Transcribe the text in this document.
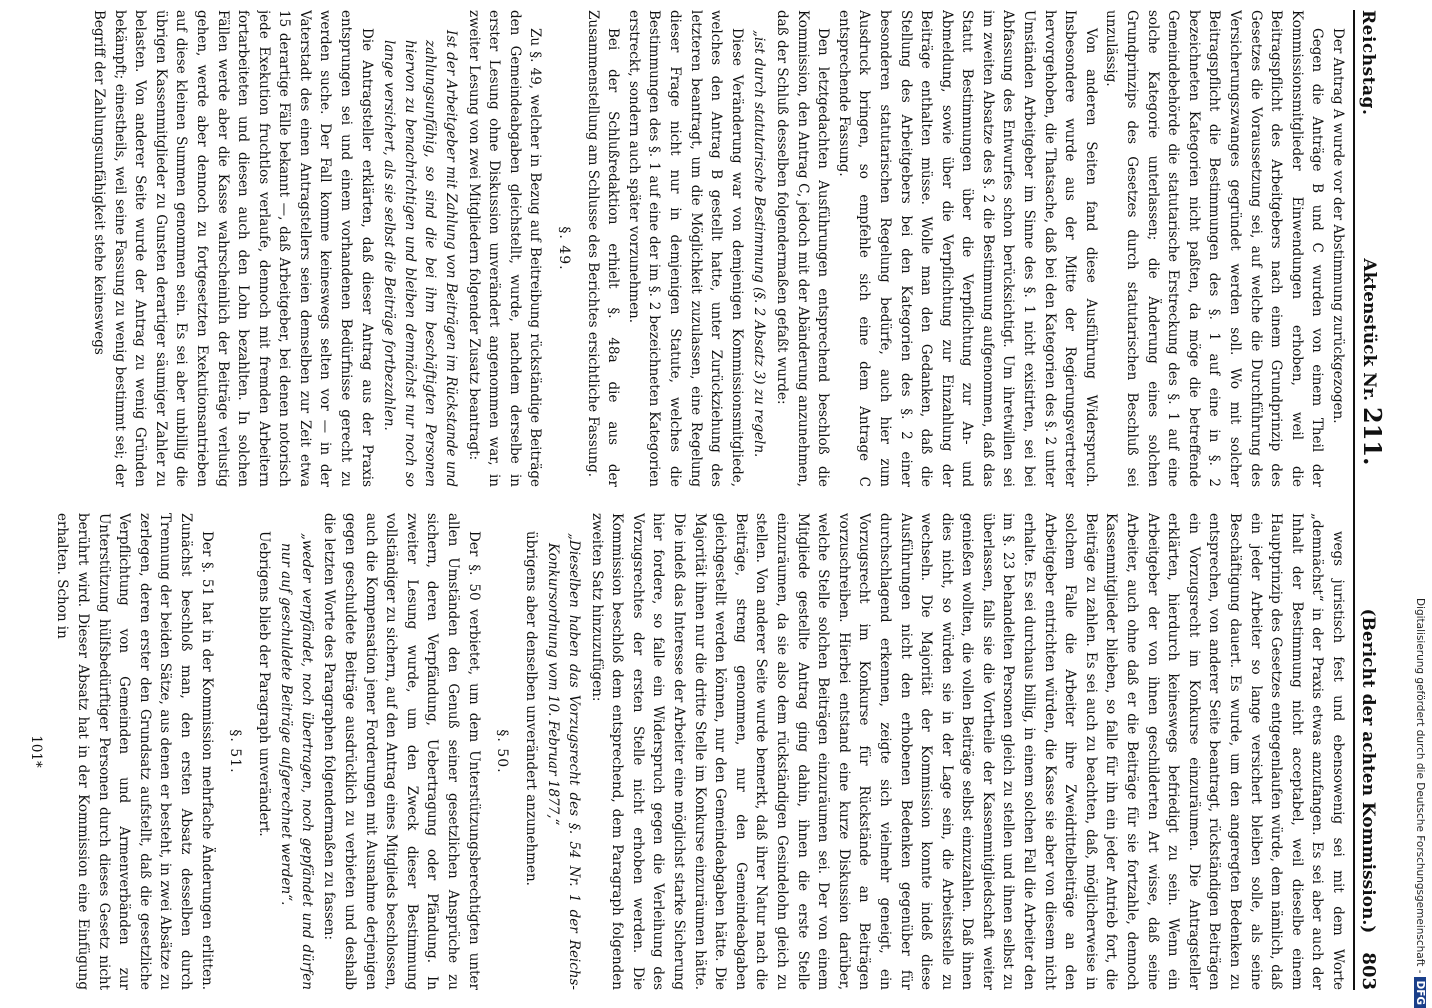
Reichstag.
Aktenstück Nr. 211.
(Bericht der achten Kommission.) 803

Der Antrag A wurde vor der Abstimmung zurückgezogen.

Gegen die Anträge B und C wurden von einem Theil der Kommissionsmitglieder Einwendungen erhoben, weil die Beitragspflicht des Arbeitgebers nach einem Grundprinzip des Gesetzes die Voraussetzung sei, auf welche die Durchführung des Versicherungszwanges gegründet werden soll. Wo mit solcher Beitragspflicht die Bestimmungen des §. 1 auf eine in §. 2 bezeichneten Kategorien nicht paßten, da möge die betreffende Gemeindebehörde die statutarische Erstreckung des §. 1 auf eine solche Kategorie unterlassen; die Änderung eines solchen Grundprinzips des Gesetzes durch statutarischen Beschluß sei unzulässig.

Von anderen Seiten fand diese Ausführung Widerspruch. Insbesondere wurde aus der Mitte der Regierungsvertreter hervorgehoben, die Thatsache, daß bei den Kategorien des §. 2 unter Umständen Arbeitgeber im Sinne des §. 1 nicht existirten, sei bei Abfassung des Entwurfes schon berücksichtigt. Um ihretwillen sei im zweiten Absatze des §. 2 die Bestimmung aufgenommen, daß das Statut Bestimmungen über die Verpflichtung zur An- und Abmeldung, sowie über die Verpflichtung zur Einzahlung der Beiträge enthalten müsse. Wolle man den Gedanken, daß die Stellung des Arbeitgebers bei den Kategorien des §. 2 einer besonderen statutarischen Regelung bedürfe, auch hier zum Ausdruck bringen, so empfehle sich eine dem Antrage C entsprechende Fassung.

Den letztgedachten Ausführungen entsprechend beschloß die Kommission, den Antrag C, jedoch mit der Abänderung anzunehmen, daß der Schluß desselben folgendermaßen gefaßt wurde:

„ist durch statutarische Bestimmung (§. 2 Absatz 3) zu regeln.

Diese Veränderung war von demjenigen Kommissionsmitgliede, welches den Antrag B gestellt hatte, unter Zurückziehung des letzteren beantragt, um die Möglichkeit zuzulassen, eine Regelung dieser Frage nicht nur in demjenigen Statute, welches die Bestimmungen des §. 1 auf eine der im §. 2 bezeichneten Kategorien erstreckt, sondern auch später vorzunehmen.

Bei der Schlußredaktion erhielt §. 48a die aus der Zusammenstellung am Schlusse des Berichtes ersichtliche Fassung.

§. 49.

Zu §. 49, welcher in Bezug auf Beitreibung rückständige Beiträge den Gemeindeabgaben gleichstellt, wurde, nachdem derselbe in erster Lesung ohne Diskussion unverändert angenommen war, in zweiter Lesung von zwei Mitgliedern folgender Zusatz beantragt:

Ist der Arbeitgeber mit Zahlung von Beiträgen im Rückstande und zahlungsunfähig, so sind die bei ihm beschäftigten Personen hiervon zu benachrichtigen und bleiben demnächst nur noch so lange versichert, als sie selbst die Beiträge fortbezahlen.

Die Antragsteller erklärten, daß dieser Antrag aus der Praxis entsprungen sei und einem vorhandenen Bedürfnisse gerecht zu werden suche. Der Fall komme keineswegs selten vor — in der Vaterstadt des einen Antragstellers seien demselben zur Zeit etwa 15 derartige Fälle bekannt —, daß Arbeitgeber, bei denen notorisch jede Exekution fruchtlos verlaufe, dennoch mit fremden Arbeitern fortarbeiteten und diesen auch den Lohn bezahlten. In solchen Fällen werde aber die Kasse wahrscheinlich der Beiträge verlustig gehen, werde aber dennoch zu fortgesetzten Exekutionsantrieben auf diese kleinen Summen genommen sein. Es sei aber unbillig die übrigen Kassenmitglieder zu Gunsten derartiger säumiger Zahler zu belasten. Von anderer Seite wurde der Antrag zu wenig Gründen bekämpft; einestheils, weil seine Fassung zu wenig bestimmt sei; der Begriff der Zahlungsunfähigkeit stehe keineswegs

wegs juristisch fest und ebensowenig sei mit dem Worte „demnächst“ in der Praxis etwas anzufangen. Es sei aber auch der Inhalt der Bestimmung nicht acceptabel, weil dieselbe einem Hauptprinzip des Gesetzes entgegenlaufen würde, dem nämlich, daß ein jeder Arbeiter so lange versichert bleiben solle, als seine Beschäftigung dauert. Es wurde, um den angeregten Bedenken zu entsprechen, von anderer Seite beantragt, rückständigen Beiträgen ein Vorzugsrecht im Konkurse einzuräumen. Die Antragsteller erklärten, hierdurch keineswegs befriedigt zu sein. Wenn ein Arbeitgeber der von ihnen geschilderten Art wisse, daß seine Arbeiter, auch ohne daß er die Beiträge für sie fortzahle, dennoch Kassenmitglieder blieben, so falle für ihn ein jeder Antrieb fort, die Beiträge zu zahlen. Es sei auch zu beachten, daß, möglicherweise in solchem Falle die Arbeiter ihre Zweidrittelbeiträge an den Arbeitgeber entrichten würden, die Kasse sie aber von diesem nicht erhalte. Es sei durchaus billig, in einem solchen Fall die Arbeiter den im §. 23 behandelten Personen gleich zu stellen und ihnen selbst zu überlassen, falls sie die Vortheile der Kassenmitgliedschaft weiter genießen wollten, die vollen Beiträge selbst einzuzahlen. Daß ihnen dies nicht, so würden sie in der Lage sein, die Arbeitsstelle zu wechseln. Die Majorität der Kommission konnte indeß diese Ausführungen nicht den erhobenen Bedenken gegenüber für durchschlagend erkennen, zeigte sich vielmehr geneigt, ein Vorzugsrecht im Konkurse für Rückstände an Beiträgen vorzuschreiben. Hierbei entstand eine kurze Diskussion darüber, welche Stelle solchen Beiträgen einzuräumen sei. Der von einem Mitgliede gestellte Antrag ging dahin, ihnen die erste Stelle einzuräumen, da sie also dem rückständigen Gesindelohn gleich zu stellen. Von anderer Seite wurde bemerkt, daß ihrer Natur nach die Beiträge, streng genommen, nur den Gemeindeabgaben gleichgestellt werden können, nur den Gemeindeabgaben hätte. Die Majorität ihnen nur die dritte Stelle im Konkurse einzuräumen hätte. Die indeß das Interesse der Arbeiter eine möglichst starke Sicherung hier fordere, so falle ein Widerspruch gegen die Verleihung des Vorzugsrechtes der ersten Stelle nicht erhoben werden. Die Kommission beschloß dem entsprechend, dem Paragraph folgenden zweiten Satz hinzuzufügen:

„Dieselben haben das Vorzugsrecht des §. 54 Nr. 1 der Reichs-Konkursordnung vom 10. Februar 1877,“

übrigens aber denselben unverändert anzunehmen.

§. 50.

Der §. 50 verbietet, um dem Unterstützungsberechtigten unter allen Umständen den Genuß seiner gesetzlichen Ansprüche zu sichern, deren Verpfändung, Uebertragung oder Pfändung. In zweiter Lesung wurde, um den Zweck dieser Bestimmung vollständiger zu sichern, auf den Antrag eines Mitglieds beschlossen, auch die Kompensation jener Forderungen mit Ausnahme derjenigen gegen geschuldete Beiträge ausdrücklich zu verbieten und deshalb die letzten Worte des Paragraphen folgendermaßen zu fassen:

„weder verpfändet, noch übertragen, noch gepfändet und dürfen nur auf geschuldete Beiträge aufgerechnet werden“.

Uebrigens blieb der Paragraph unverändert.

§. 51.

Der §. 51 hat in der Kommission mehrfache Änderungen erlitten. Zunächst beschloß man, den ersten Absatz desselben durch Trennung der beiden Sätze, aus denen er besteht, in zwei Absätze zu zerlegen, deren erster den Grundsatz aufstellt, daß die gesetzliche Verpflichtung von Gemeinden und Armenverbänden zur Unterstützung hülfsbedürftiger Personen durch dieses Gesetz nicht berührt wird. Dieser Absatz hat in der Kommission eine Einfügung erhalten. Schon in

101*	Digitalisierung gefördert durch die Deutsche Forschungsgemeinschaft -DFG
